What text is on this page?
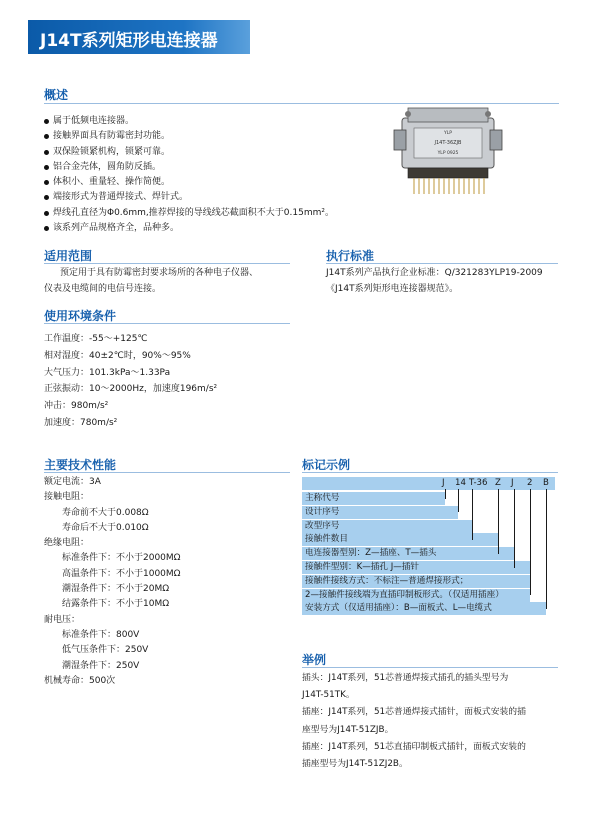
J14T系列矩形电连接器
概述
属于低频电连接器。
接触界面具有防霉密封功能。
双保险锁紧机构，锁紧可靠。
铝合金壳体，圆角防反插。
体积小、重量轻、操作简便。
端接形式为普通焊接式、焊针式。
焊线孔直径为Φ0.6mm,推荐焊接的导线线芯截面积不大于0.15mm²。
该系列产品规格齐全，品种多。
YLP
J14T-36ZJB
YLP 0925
适用范围
预定用于具有防霉密封要求场所的各种电子仪器、
仪表及电缆间的电信号连接。
执行标准
J14T系列产品执行企业标准：Q/321283YLP19-2009
《J14T系列矩形电连接器规范》。
使用环境条件
工作温度：-55～+125℃
相对湿度：40±2℃时，90%～95%
大气压力：101.3kPa～1.33Pa
正弦振动：10～2000Hz，加速度196m/s²
冲击：980m/s²
加速度：780m/s²
主要技术性能
额定电流：3A
接触电阻：
寿命前不大于0.008Ω
寿命后不大于0.010Ω
绝缘电阻：
标准条件下：不小于2000MΩ
高温条件下：不小于1000MΩ
潮湿条件下：不小于20MΩ
结露条件下：不小于10MΩ
耐电压：
标准条件下：800V
低气压条件下：250V
潮湿条件下：250V
机械寿命：500次
标记示例
J 14 T-36 Z J 2 B
主称代号
设计序号
改型序号
接触件数目
电连接器型别：Z—插座、T—插头
接触件型别：K—插孔 J—插针
接触件接线方式：不标注—普通焊接形式；
2—接触件接线端为直插印制板形式。（仅适用插座）
安装方式（仅适用插座）：B—面板式、L—电缆式
举例
插头：J14T系列，51芯普通焊接式插孔的插头型号为
J14T-51TK。
插座：J14T系列，51芯普通焊接式插针，面板式安装的插
座型号为J14T-51ZJB。
插座：J14T系列，51芯直插印制板式插针，面板式安装的
插座型号为J14T-51ZJ2B。
